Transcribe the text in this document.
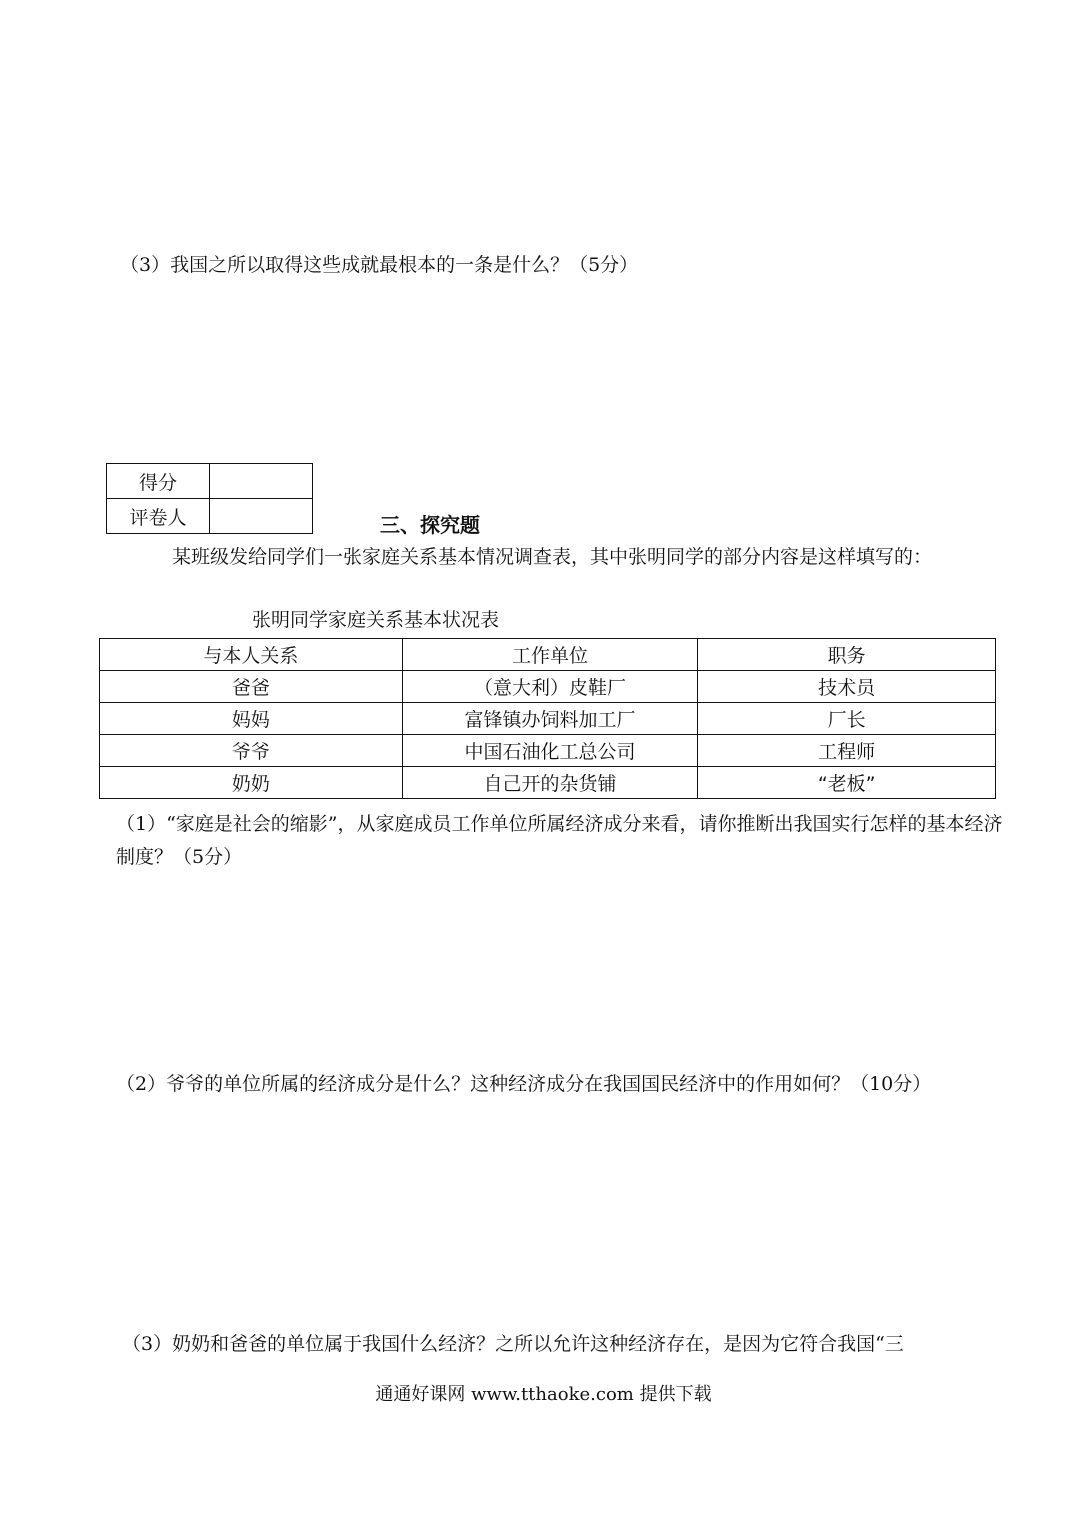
（3）我国之所以取得这些成就最根本的一条是什么？（5分）
得分	
评卷人		三、探究题
某班级发给同学们一张家庭关系基本情况调查表，其中张明同学的部分内容是这样填写的：
张明同学家庭关系基本状况表
与本人关系	工作单位	职务
爸爸	（意大利）皮鞋厂	技术员
妈妈	富锋镇办饲料加工厂	厂长
爷爷	中国石油化工总公司	工程师
奶奶	自己开的杂货铺	“老板”
（1）“家庭是社会的缩影”，从家庭成员工作单位所属经济成分来看，请你推断出我国实行怎样的基本经济制度？（5分）
（2）爷爷的单位所属的经济成分是什么？这种经济成分在我国国民经济中的作用如何？（10分）
（3）奶奶和爸爸的单位属于我国什么经济？之所以允许这种经济存在，是因为它符合我国“三
通通好课网 www.tthaoke.com 提供下载
